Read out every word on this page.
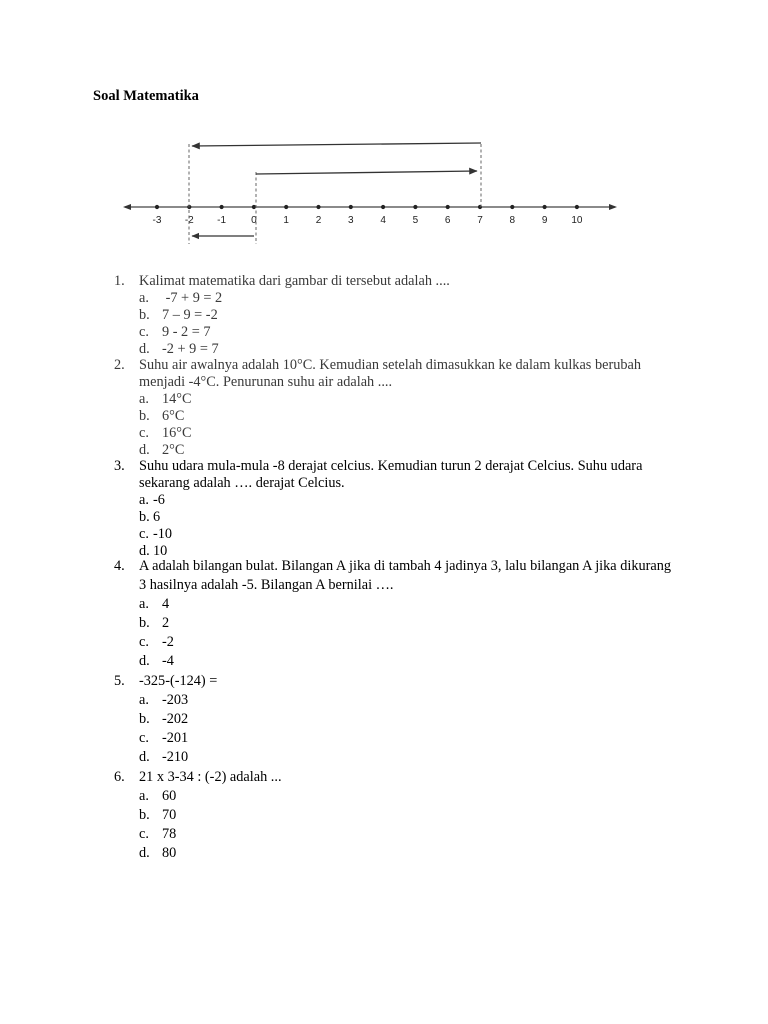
Soal Matematika
-3 -2 -1	0	1	2	3	4	5	6	7	8	9 10
1. Kalimat matematika dari gambar di tersebut adalah ....
a. -7 + 9 = 2
b. 7 – 9 = -2
c. 9 - 2 = 7
d. -2 + 9 = 7
2. Suhu air awalnya adalah 10°C. Kemudian setelah dimasukkan ke dalam kulkas berubah menjadi -4°C. Penurunan suhu air adalah ....
a. 14°C
b. 6°C
c. 16°C
d. 2°C
3. Suhu udara mula-mula -8 derajat celcius. Kemudian turun 2 derajat Celcius. Suhu udara sekarang adalah …. derajat Celcius.
a. -6
b. 6
c. -10
d. 10
4. A adalah bilangan bulat. Bilangan A jika di tambah 4 jadinya 3, lalu bilangan A jika dikurang 3 hasilnya adalah -5. Bilangan A bernilai ….
a. 4
b. 2
c. -2
d. -4
5. -325-(-124) =
a. -203
b. -202
c. -201
d. -210
6. 21 x 3-34 : (-2) adalah ...
a. 60
b. 70
c. 78
d. 80
